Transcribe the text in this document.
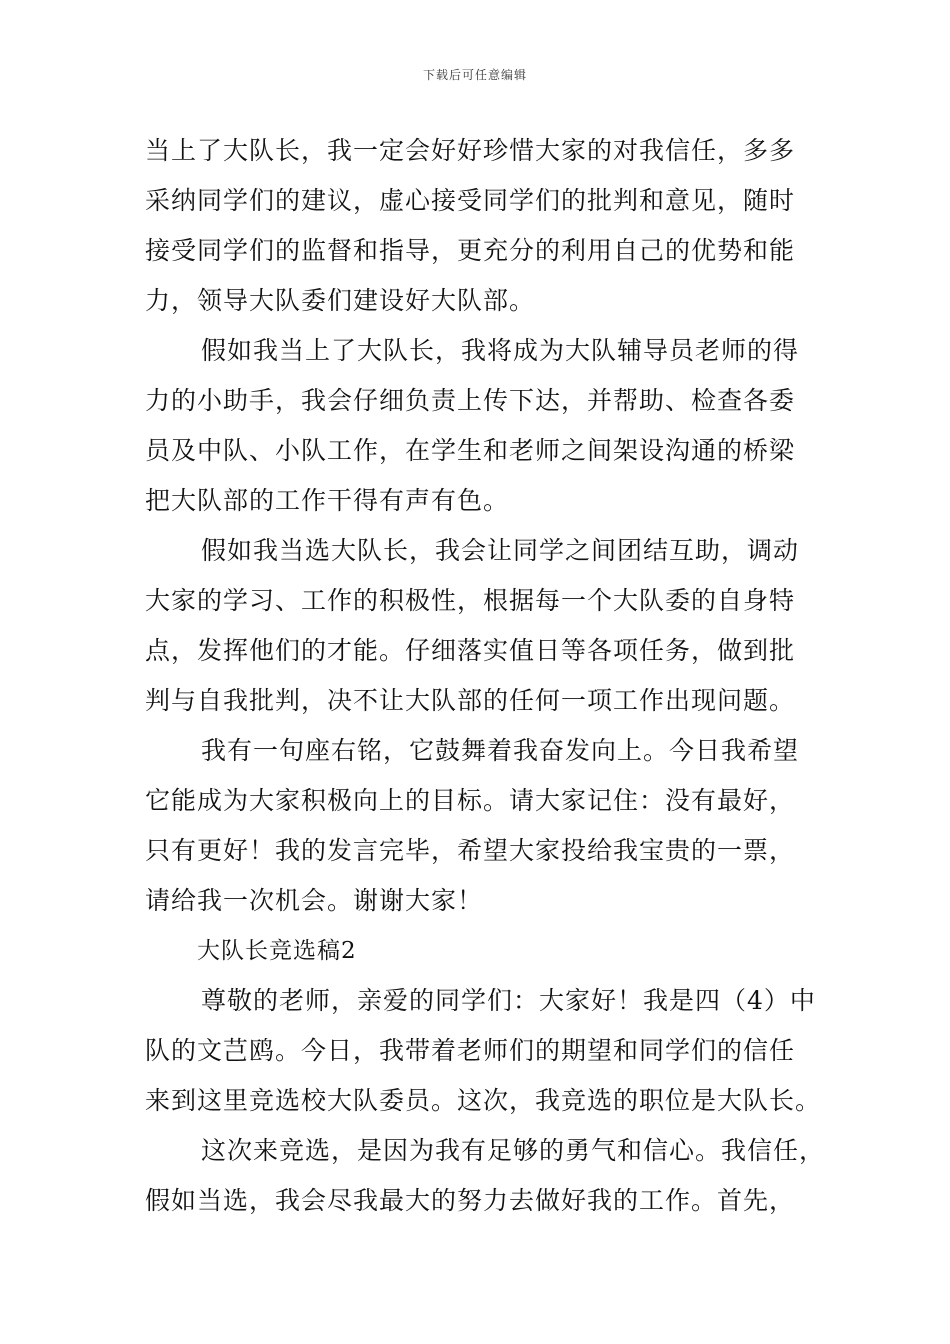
下载后可任意编辑
当上了大队长，我一定会好好珍惜大家的对我信任，多多
采纳同学们的建议，虚心接受同学们的批判和意见，随时
接受同学们的监督和指导，更充分的利用自己的优势和能
力，领导大队委们建设好大队部。
假如我当上了大队长，我将成为大队辅导员老师的得
力的小助手，我会仔细负责上传下达，并帮助、检查各委
员及中队、小队工作，在学生和老师之间架设沟通的桥梁
把大队部的工作干得有声有色。
假如我当选大队长，我会让同学之间团结互助，调动
大家的学习、工作的积极性，根据每一个大队委的自身特
点，发挥他们的才能。仔细落实值日等各项任务，做到批
判与自我批判，决不让大队部的任何一项工作出现问题。
我有一句座右铭，它鼓舞着我奋发向上。今日我希望
它能成为大家积极向上的目标。请大家记住：没有最好，
只有更好！我的发言完毕，希望大家投给我宝贵的一票，
请给我一次机会。谢谢大家！
大队长竞选稿2
尊敬的老师，亲爱的同学们：大家好！我是四（4）中
队的文芑鸥。今日，我带着老师们的期望和同学们的信任
来到这里竞选校大队委员。这次，我竞选的职位是大队长。
这次来竞选，是因为我有足够的勇气和信心。我信任，
假如当选，我会尽我最大的努力去做好我的工作。首先，
